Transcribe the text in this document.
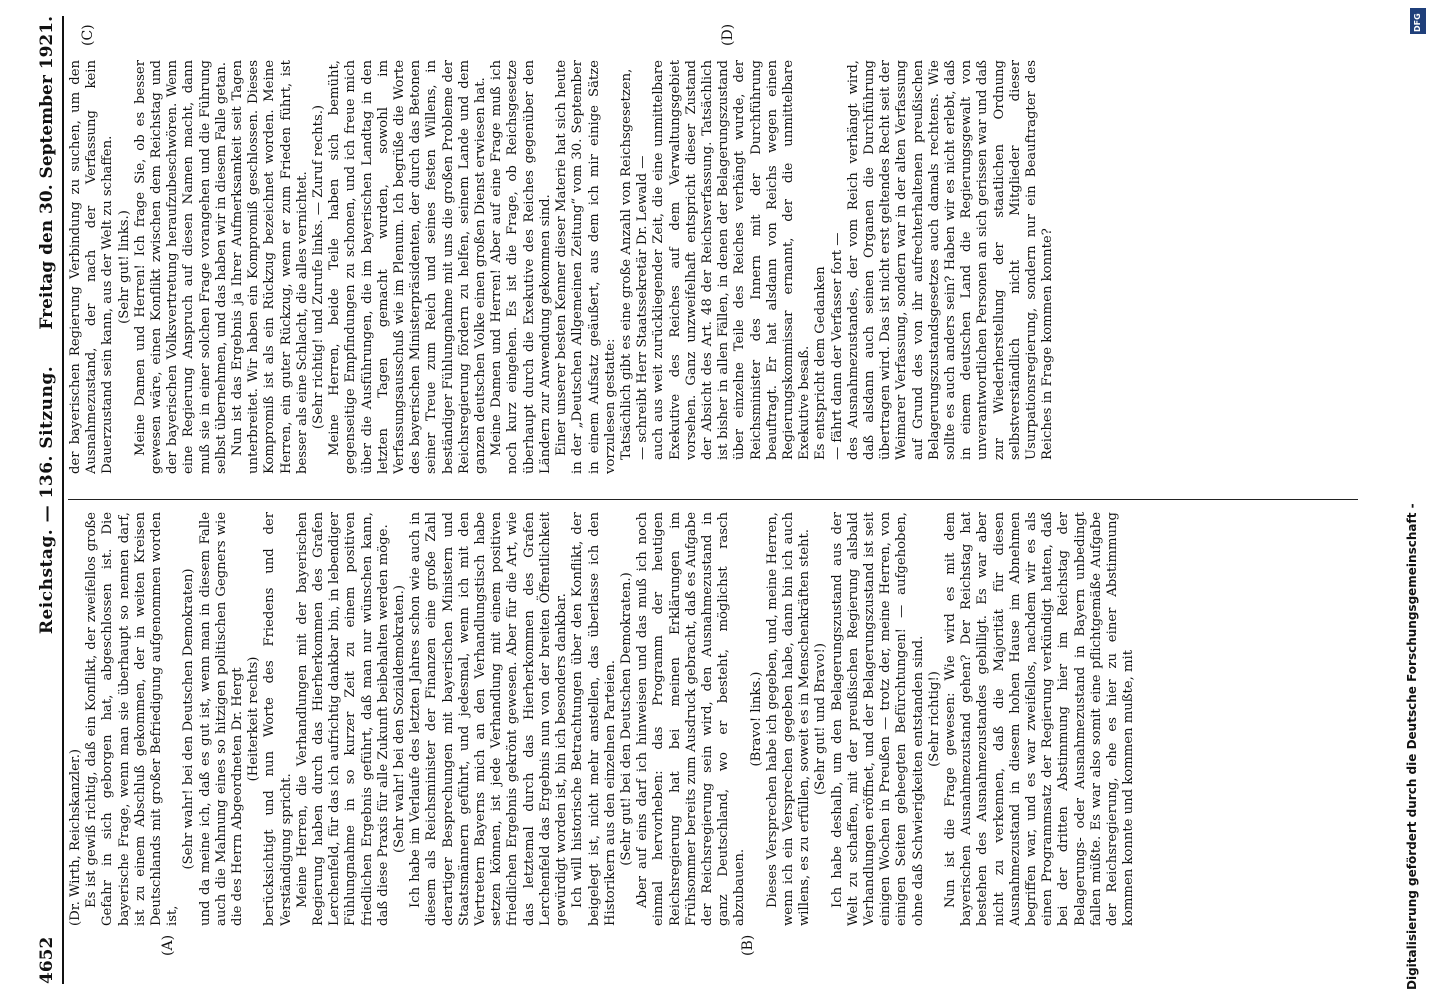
4652
Reichstag. — 136. Sitzung.
Freitag den 30. September 1921.
(A)	(B)
(C)	(D)

(Dr. Wirth, Reichskanzler.) Es ist gewiß richtig, daß ein Konflikt, der zweifellos große Gefahr in sich geborgen hat, abgeschlossen ist. Die bayerische Frage, wenn man sie überhaupt so nennen darf, ist zu einem Abschluß gekommen, der in weiten Kreisen Deutschlands mit großer Befriedigung aufgenommen worden ist,

(Sehr wahr! bei den Deutschen Demokraten) und da meine ich, daß es gut ist, wenn man in diesem Falle auch die Mahnung eines so hitzigen politischen Gegners wie die des Herrn Abgeordneten Dr. Hergt (Heiterkeit rechts) berücksichtigt und nun Worte des Friedens und der Verständigung spricht. Meine Herren, die Verhandlungen mit der bayerischen Regierung haben durch das Hierherkommen des Grafen Lerchenfeld, für das ich aufrichtig dankbar bin, in lebendiger Fühlungnahme in so kurzer Zeit zu einem positiven friedlichen Ergebnis geführt, daß man nur wünschen kann, daß diese Praxis für alle Zukunft beibehalten werden möge. (Sehr wahr! bei den Sozialdemokraten.) Ich habe im Verlaufe des letzten Jahres schon wie auch in diesem als Reichsminister der Finanzen eine große Zahl derartiger Besprechungen mit bayerischen Ministern und Staatsmännern geführt, und jedesmal, wenn ich mit den Vertretern Bayerns mich an den Verhandlungstisch habe setzen können, ist jede Verhandlung mit einem positiven friedlichen Ergebnis gekrönt gewesen. Aber für die Art, wie das letztemal durch das Hierherkommen des Grafen Lerchenfeld das Ergebnis nun von der breiten Öffentlichkeit gewürdigt worden ist, bin ich besonders dankbar. Ich will historische Betrachtungen über den Konflikt, der beigelegt ist, nicht mehr anstellen, das überlasse ich den Historikern aus den einzelnen Parteien. (Sehr gut! bei den Deutschen Demokraten.) Aber auf eins darf ich hinweisen und das muß ich noch einmal hervorheben: das Programm der heutigen Reichsregierung hat bei meinen Erklärungen im Frühsommer bereits zum Ausdruck gebracht, daß es Aufgabe der Reichsregierung sein wird, den Ausnahmezustand in ganz Deutschland, wo er besteht, möglichst rasch abzubauen.

(Bravo! links.) Dieses Versprechen habe ich gegeben, und, meine Herren, wenn ich ein Versprechen gegeben habe, dann bin ich auch willens, es zu erfüllen, soweit es in Menschenkräften steht. (Sehr gut! und Bravo!) Ich habe deshalb, um den Belagerungszustand aus der Welt zu schaffen, mit der preußischen Regierung alsbald Verhandlungen eröffnet, und der Belagerungszustand ist seit einigen Wochen in Preußen — trotz der, meine Herren, von einigen Seiten geheegten Befürchtungen! — aufgehoben, ohne daß Schwierigkeiten entstanden sind. (Sehr richtig!) Nun ist die Frage gewesen: Wie wird es mit dem bayerischen Ausnahmezustand gehen? Der Reichstag hat bestehen des Ausnahmezustandes gebilligt. Es war aber nicht zu verkennen, daß die Majorität für diesen Ausnahmezustand in diesem hohen Hause im Abnehmen begriffen war, und es war zweifellos, nachdem wir es als einen Programmsatz der Regierung verkündigt hatten, daß bei der dritten Abstimmung hier im Reichstag der Belagerungs- oder Ausnahmezustand in Bayern unbedingt fallen müßte. Es war also somit eine pflichtgemäße Aufgabe der Reichsregierung, ehe es hier zu einer Abstimmung kommen konnte und kommen mußte, mit

der bayerischen Regierung Verbindung zu suchen, um den Ausnahmezustand, der nach der Verfassung kein Dauerzustand sein kann, aus der Welt zu schaffen. (Sehr gut! links.) Meine Damen und Herren! Ich frage Sie, ob es besser gewesen wäre, einen Konflikt zwischen dem Reichstag und der bayerischen Volksvertretung heraufzubeschwören. Wenn eine Regierung Anspruch auf diesen Namen macht, dann muß sie in einer solchen Frage vorangehen und die Führung selbst übernehmen, und das haben wir in diesem Falle getan. Nun ist das Ergebnis ja Ihrer Aufmerksamkeit seit Tagen unterbreitet. Wir haben ein Kompromiß geschlossen. Dieses Kompromiß ist als ein Rückzug bezeichnet worden. Meine Herren, ein guter Rückzug, wenn er zum Frieden führt, ist besser als eine Schlacht, die alles vernichtet. (Sehr richtig! und Zurufe links. — Zuruf rechts.) Meine Herren, beide Teile haben sich bemüht, gegenseitige Empfindungen zu schonen, und ich freue mich über die Ausführungen, die im bayerischen Landtag in den letzten Tagen gemacht wurden, sowohl im Verfassungsausschuß wie im Plenum. Ich begrüße die Worte des bayerischen Ministerpräsidenten, der durch das Betonen seiner Treue zum Reich und seines festen Willens, in beständiger Fühlungnahme mit uns die großen Probleme der Reichsregierung fördern zu helfen, seinem Lande und dem ganzen deutschen Volke einen großen Dienst erwiesen hat. Meine Damen und Herren! Aber auf eine Frage muß ich noch kurz eingehen. Es ist die Frage, ob Reichsgesetze überhaupt durch die Exekutive des Reiches gegenüber den Ländern zur Anwendung gekommen sind. Einer unserer besten Kenner dieser Materie hat sich heute in der „Deutschen Allgemeinen Zeitung“ vom 30. September in einem Aufsatz geäußert, aus dem ich mir einige Sätze vorzulesen gestatte: Tatsächlich gibt es eine große Anzahl von Reichsgesetzen, — schreibt Herr Staatssekretär Dr. Lewald — auch aus weit zurückliegender Zeit, die eine unmittelbare Exekutive des Reiches auf dem Verwaltungsgebiet vorsehen. Ganz unzweifelhaft entspricht dieser Zustand der Absicht des Art. 48 der Reichsverfassung. Tatsächlich ist bisher in allen Fällen, in denen der Belagerungszustand über einzelne Teile des Reiches verhängt wurde, der Reichsminister des Innern mit der Durchführung beauftragt. Er hat alsdann von Reichs wegen einen Regierungskommissar ernannt, der die unmittelbare Exekutive besaß. Es entspricht dem Gedanken — fährt dann der Verfasser fort — des Ausnahmezustandes, der vom Reich verhängt wird, daß alsdann auch seinen Organen die Durchführung übertragen wird. Das ist nicht erst geltendes Recht seit der Weimarer Verfassung, sondern war in der alten Verfassung auf Grund des von ihr aufrechterhaltenen preußischen Belagerungszustandsgesetzes auch damals rechtens. Wie sollte es auch anders sein? Haben wir es nicht erlebt, daß in einem deutschen Land die Regierungsgewalt von unverantwortlichen Personen an sich gerissen war und daß zur Wiederherstellung der staatlichen Ordnung selbstverständlich nicht Mitglieder dieser Usurpationsregierung, sondern nur ein Beauftragter des Reiches in Frage kommen konnte?

Digitalisierung gefördert durch die Deutsche Forschungsgemeinschaft -
DFG
